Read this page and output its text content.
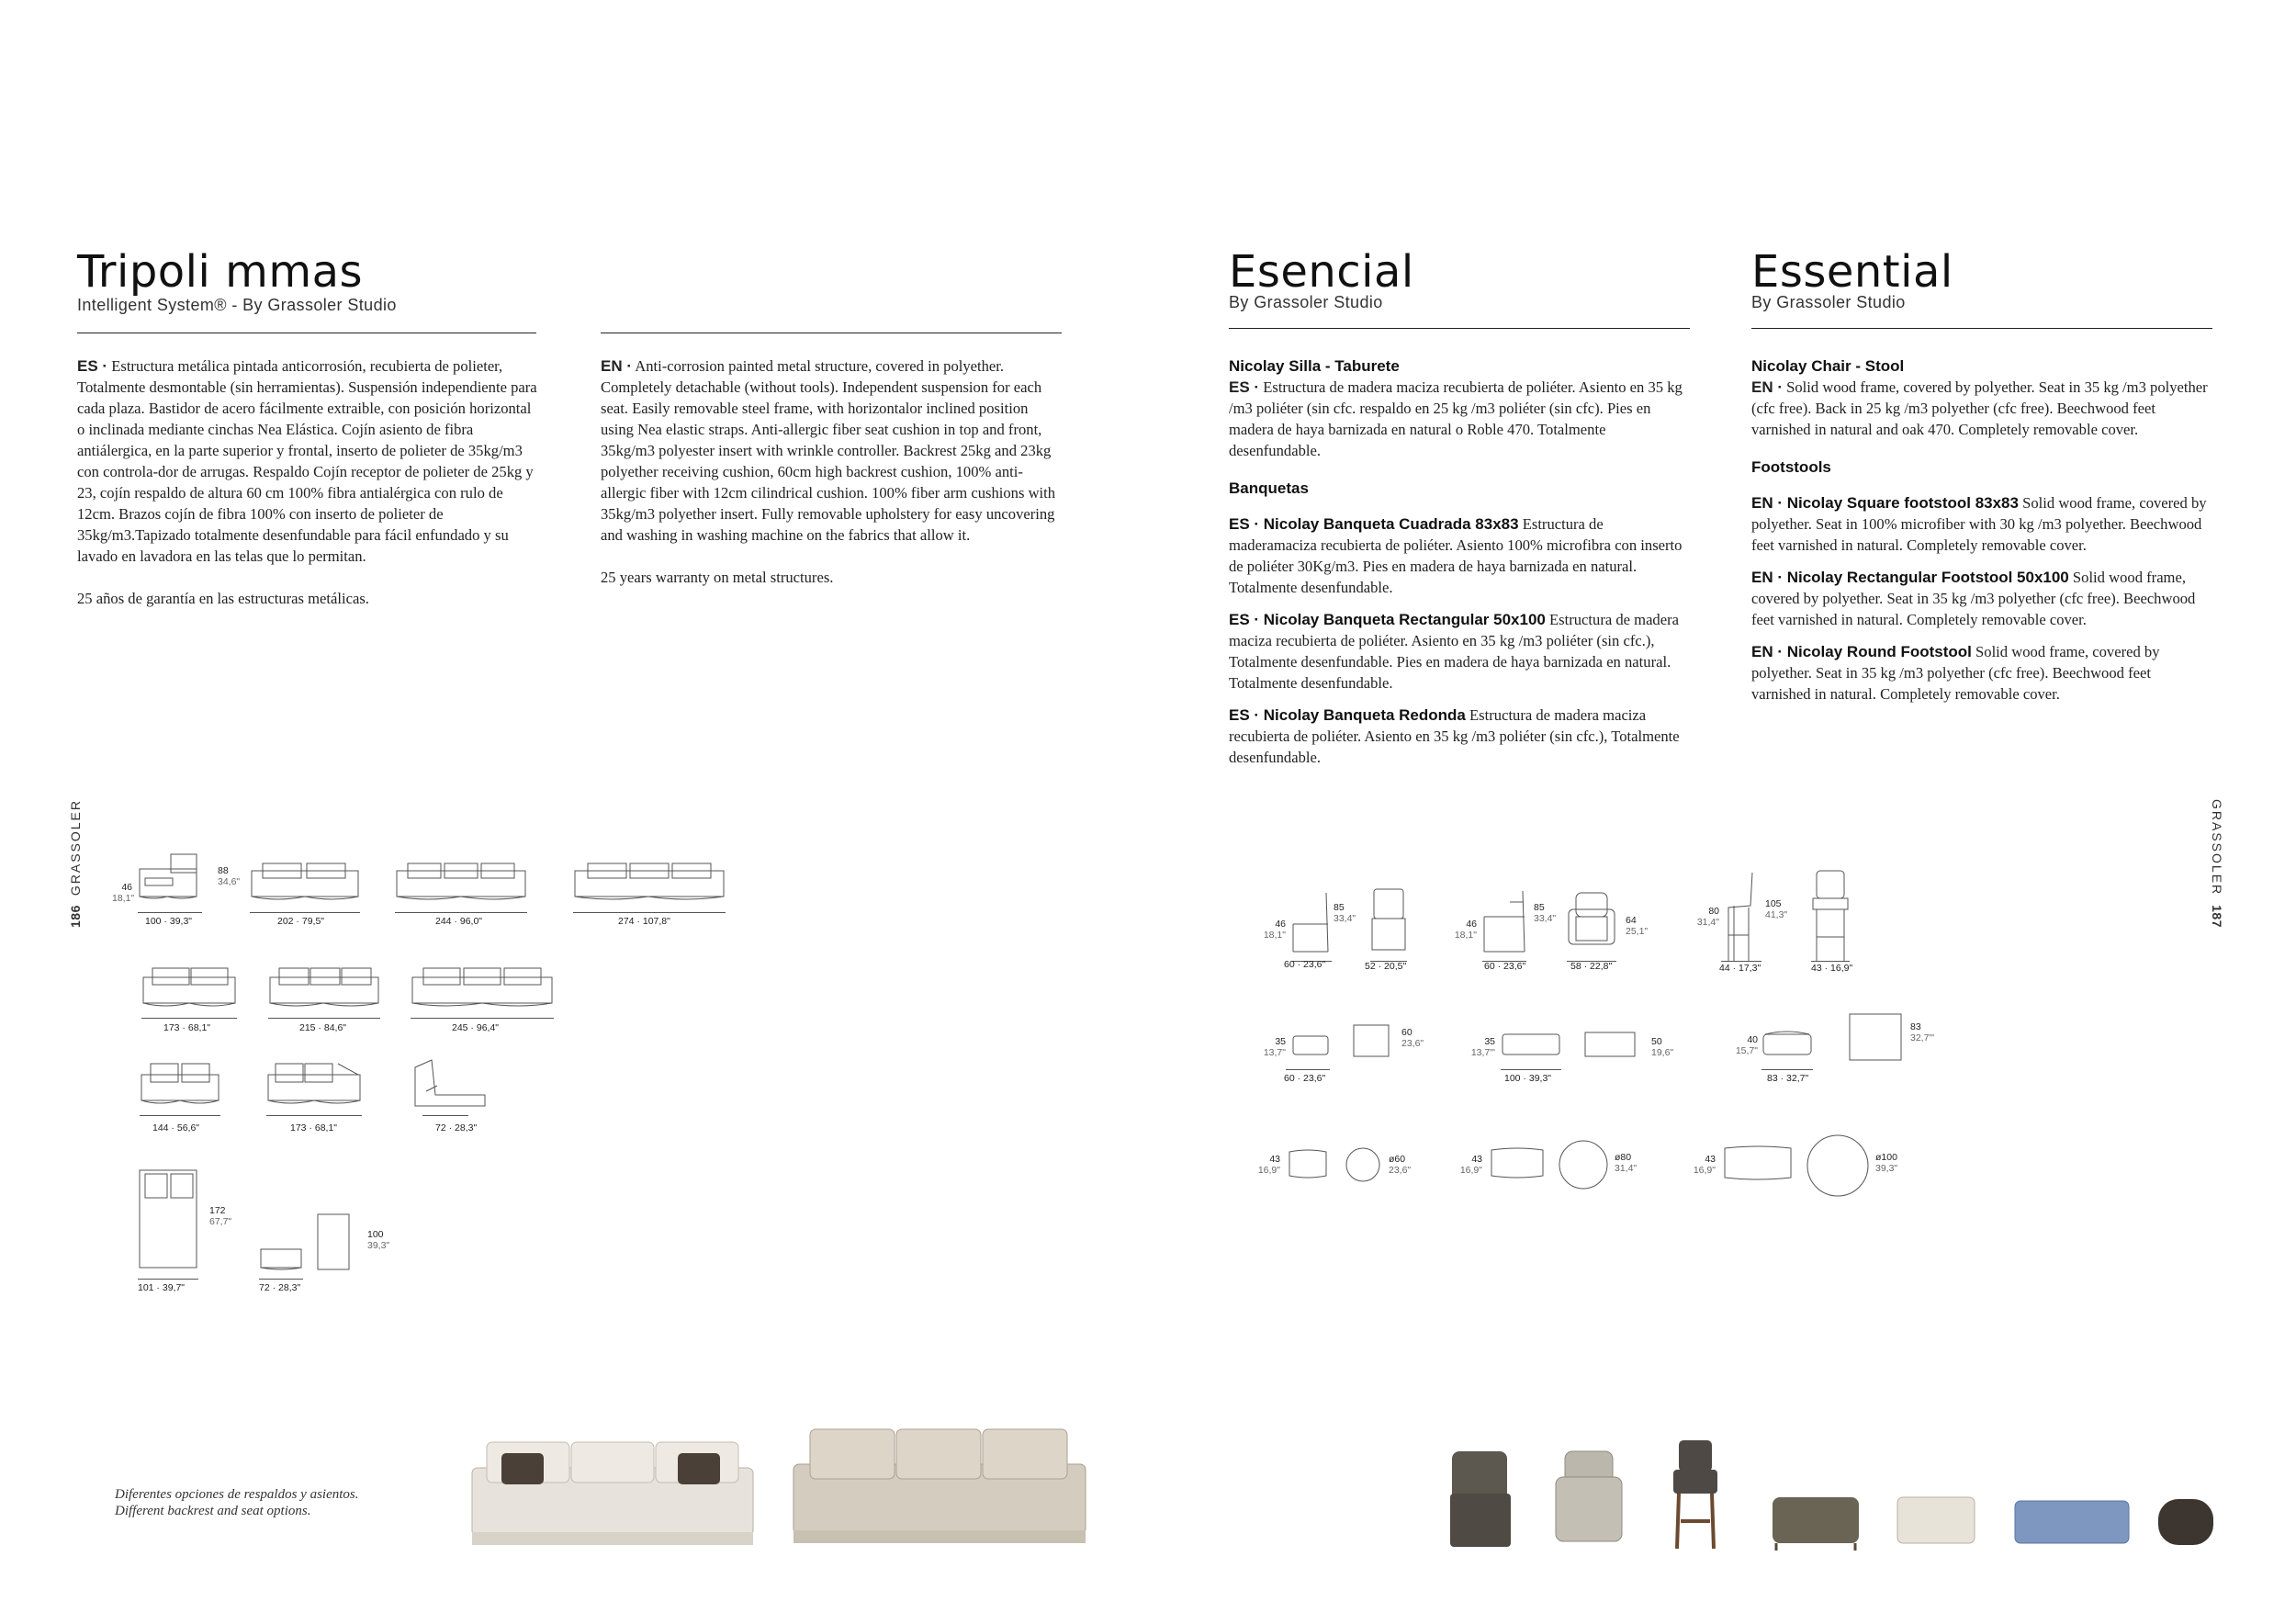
Tripoli mmas
Intelligent System® - By Grassoler Studio

ES · Estructura metálica pintada anticorrosión, recubierta de polieter, Totalmente desmontable (sin herramientas). Suspensión independiente para cada plaza. Bastidor de acero fácilmente extraible, con posición horizontal o inclinada mediante cinchas Nea Elástica. Cojín asiento de fibra antiálergica, en la parte superior y frontal, inserto de polieter de 35kg/m3 con controla-dor de arrugas. Respaldo Cojín receptor de polieter de 25kg y 23, cojín respaldo de altura 60 cm 100% fibra antialérgica con rulo de 12cm. Brazos cojín de fibra 100% con inserto de polieter de 35kg/m3.Tapizado totalmente desenfundable para fácil enfundado y su lavado en lavadora en las telas que lo permitan.

25 años de garantía en las estructuras metálicas.

EN · Anti-corrosion painted metal structure, covered in polyether. Completely detachable (without tools). Independent suspension for each seat. Easily removable steel frame, with horizontalor inclined position using Nea elastic straps. Anti-allergic fiber seat cushion in top and front, 35kg/m3 polyester insert with wrinkle controller. Backrest 25kg and 23kg polyether receiving cushion, 60cm high backrest cushion, 100% anti-allergic fiber with 12cm cilindrical cushion. 100% fiber arm cushions with 35kg/m3 polyether insert. Fully removable upholstery for easy uncovering and washing in washing machine on the fabrics that allow it.

25 years warranty on metal structures.

186GRASSOLER	46
18,1"
88
34,6"
100 · 39,3"	202 · 79,5"	244 · 96,0"	274 · 107,8"
173 · 68,1"	215 · 84,6"	245 · 96,4"
144 · 56,6"	173 · 68,1"	72 · 28,3"
172
67,7"
101 · 39,7"
100
39,3"
72 · 28,3"
Diferentes opciones de respaldos y asientos.
Different backrest and seat options.
Esencial
By Grassoler Studio
Nicolay Silla - Taburete

ES · Estructura de madera maciza recubierta de poliéter. Asiento en 35 kg /m3 poliéter (sin cfc. respaldo en 25 kg /m3 poliéter (sin cfc). Pies en madera de haya barnizada en natural o Roble 470. Totalmente desenfundable.

Banquetas

ES · Nicolay Banqueta Cuadrada 83x83 Estructura de maderamaciza recubierta de poliéter. Asiento 100% microfibra con inserto de poliéter 30Kg/m3. Pies en madera de haya barnizada en natural. Totalmente desenfundable.

ES · Nicolay Banqueta Rectangular 50x100 Estructura de madera maciza recubierta de poliéter. Asiento en 35 kg /m3 poliéter (sin cfc.), Totalmente desenfundable. Pies en madera de haya barnizada en natural. Totalmente desenfundable.

ES · Nicolay Banqueta Redonda Estructura de madera maciza recubierta de poliéter. Asiento en 35 kg /m3 poliéter (sin cfc.), Totalmente desenfundable.

Essential
By Grassoler Studio
Nicolay Chair - Stool

EN · Solid wood frame, covered by polyether. Seat in 35 kg /m3 polyether (cfc free). Back in 25 kg /m3 polyether (cfc free). Beechwood feet varnished in natural and oak 470. Completely removable cover.

Footstools

EN · Nicolay Square footstool 83x83 Solid wood frame, covered by polyether. Seat in 100% microfiber with 30 kg /m3 polyether. Beechwood feet varnished in natural. Completely removable cover.

EN · Nicolay Rectangular Footstool 50x100 Solid wood frame, covered by polyether. Seat in 35 kg /m3 polyether (cfc free). Beechwood feet varnished in natural. Completely removable cover.

EN · Nicolay Round Footstool Solid wood frame, covered by polyether. Seat in 35 kg /m3 polyether (cfc free). Beechwood feet varnished in natural. Completely removable cover.

GRASSOLER187
46
18,1"
85
33,4"
60 · 23,6"	52 · 20,5"
46
18,1"
85
33,4"	64
25,1"
60 · 23,6"	58 · 22,8"
80
31,4"
105
41,3"
44 · 17,3"	43 · 16,9"
35
13,7"
60
23,6"
60 · 23,6"
35
13,7"'
50
19,6"
100 · 39,3"
40
15,7"
83
32,7"'
83 · 32,7"
43
16,9"
ø60
23,6"
43
16,9"
ø80
31,4"
43
16,9"
ø100
39,3"
